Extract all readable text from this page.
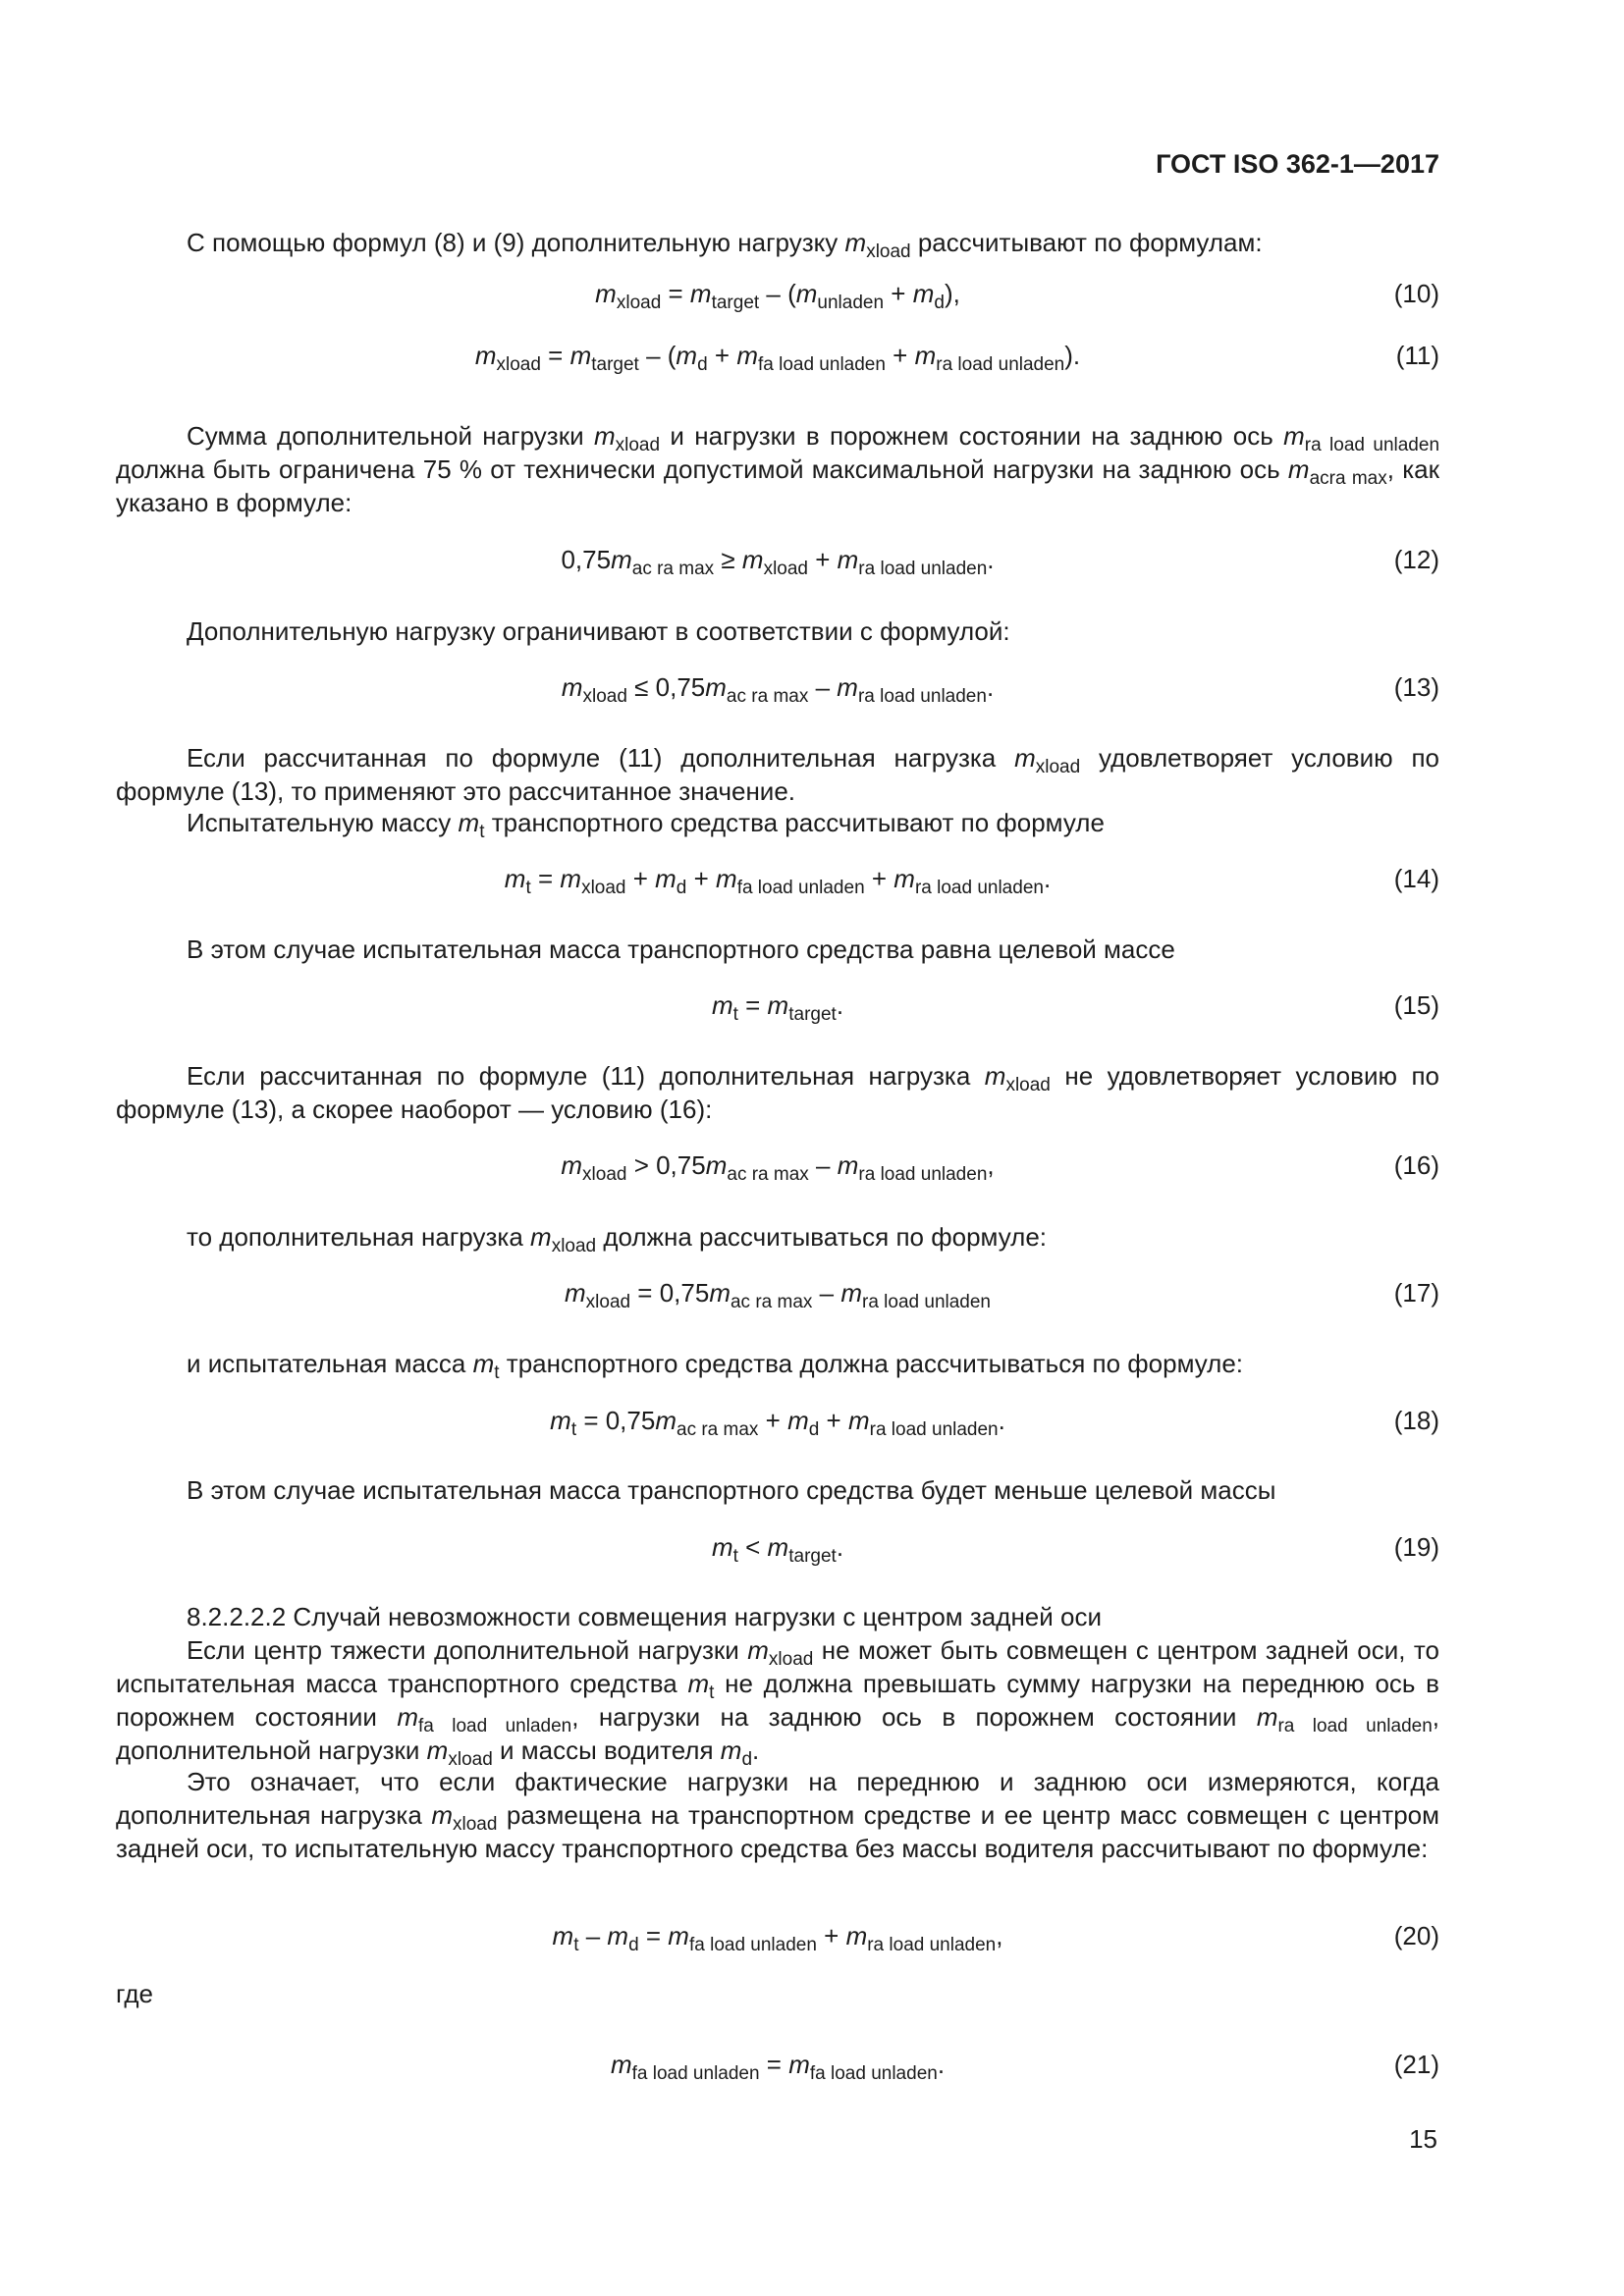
ГОСТ ISO 362-1—2017
С помощью формул (8) и (9) дополнительную нагрузку $m_{xload}$ рассчитывают по формулам:
$m_{xload} = m_{target} - (m_{unladen} + m_d)$,	(10)
$m_{xload} = m_{target} - (m_d + m_{fa load unladen} + m_{ra load unladen})$.	(11)
Сумма дополнительной нагрузки $m_{xload}$ и нагрузки в порожнем состоянии на заднюю ось $m_{ra load unladen}$ должна быть ограничена 75 % от технически допустимой максимальной нагрузки на заднюю ось $m_{acra max}$, как указано в формуле:
$0,75m_{ac ra max} \ge m_{xload} + m_{ra load unladen}$.	(12)
Дополнительную нагрузку ограничивают в соответствии с формулой:
$m_{xload} \le 0,75m_{ac ra max} - m_{ra load unladen}$.	(13)
Если рассчитанная по формуле (11) дополнительная нагрузка $m_{xload}$ удовлетворяет условию по формуле (13), то применяют это рассчитанное значение.
Испытательную массу $m_t$ транспортного средства рассчитывают по формуле
$m_t = m_{xload} + m_d + m_{fa load unladen} + m_{ra load unladen}$.	(14)
В этом случае испытательная масса транспортного средства равна целевой массе
$m_t = m_{target}$.	(15)
Если рассчитанная по формуле (11) дополнительная нагрузка $m_{xload}$ не удовлетворяет условию по формуле (13), а скорее наоборот — условию (16):
$m_{xload} > 0,75m_{ac ra max} - m_{ra load unladen}$,	(16)
то дополнительная нагрузка $m_{xload}$ должна рассчитываться по формуле:
$m_{xload} = 0,75m_{ac ra max} - m_{ra load unladen}$	(17)
и испытательная масса $m_t$ транспортного средства должна рассчитываться по формуле:
$m_t = 0,75m_{ac ra max} + m_d + m_{ra load unladen}$.	(18)
В этом случае испытательная масса транспортного средства будет меньше целевой массы
$m_t < m_{target}$.	(19)
8.2.2.2.2 Случай невозможности совмещения нагрузки с центром задней оси
Если центр тяжести дополнительной нагрузки $m_{xload}$ не может быть совмещен с центром задней оси, то испытательная масса транспортного средства $m_t$ не должна превышать сумму нагрузки на переднюю ось в порожнем состоянии $m_{fa load unladen}$, нагрузки на заднюю ось в порожнем состоянии $m_{ra load unladen}$, дополнительной нагрузки $m_{xload}$ и массы водителя $m_d$.
Это означает, что если фактические нагрузки на переднюю и заднюю оси измеряются, когда дополнительная нагрузка $m_{xload}$ размещена на транспортном средстве и ее центр масс совмещен с центром задней оси, то испытательную массу транспортного средства без массы водителя рассчитывают по формуле:
$m_t - m_d = m_{fa load unladen} + m_{ra load unladen}$,	(20)
где
$m_{fa load unladen} = m_{fa load unladen}$.	(21)
15
